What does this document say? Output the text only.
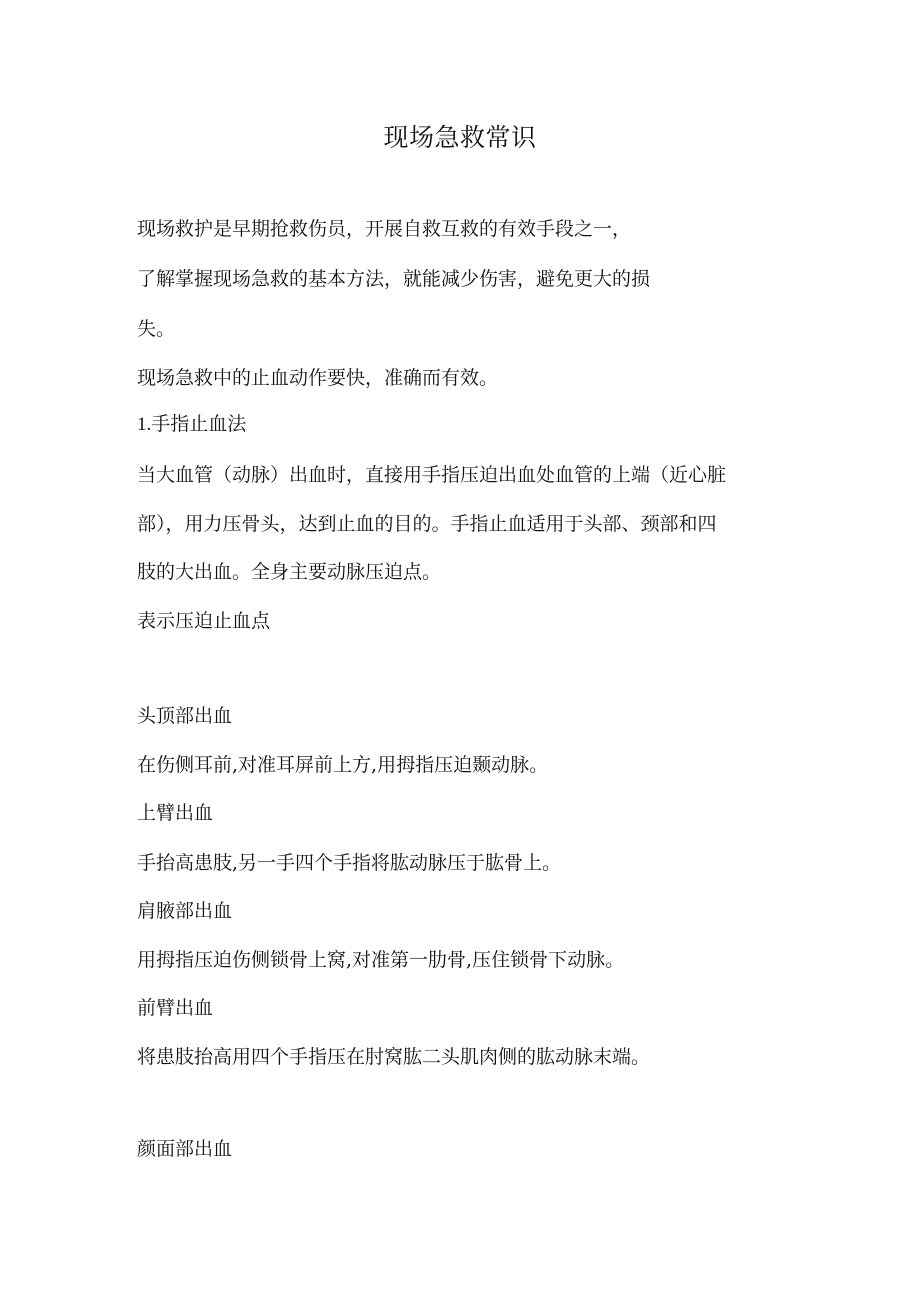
现场急救常识

现场救护是早期抢救伤员，开展自救互救的有效手段之一，

了解掌握现场急救的基本方法，就能减少伤害，避免更大的损

失。

现场急救中的止血动作要快，准确而有效。

1.手指止血法

当大血管（动脉）出血时，直接用手指压迫出血处血管的上端（近心脏

部），用力压骨头，达到止血的目的。手指止血适用于头部、颈部和四

肢的大出血。全身主要动脉压迫点。

表示压迫止血点

头顶部出血

在伤侧耳前,对准耳屏前上方,用拇指压迫颞动脉。

上臂出血

手抬高患肢,另一手四个手指将肱动脉压于肱骨上。

肩腋部出血

用拇指压迫伤侧锁骨上窝,对准第一肋骨,压住锁骨下动脉。

前臂出血

将患肢抬高用四个手指压在肘窝肱二头肌肉侧的肱动脉末端。

颜面部出血
